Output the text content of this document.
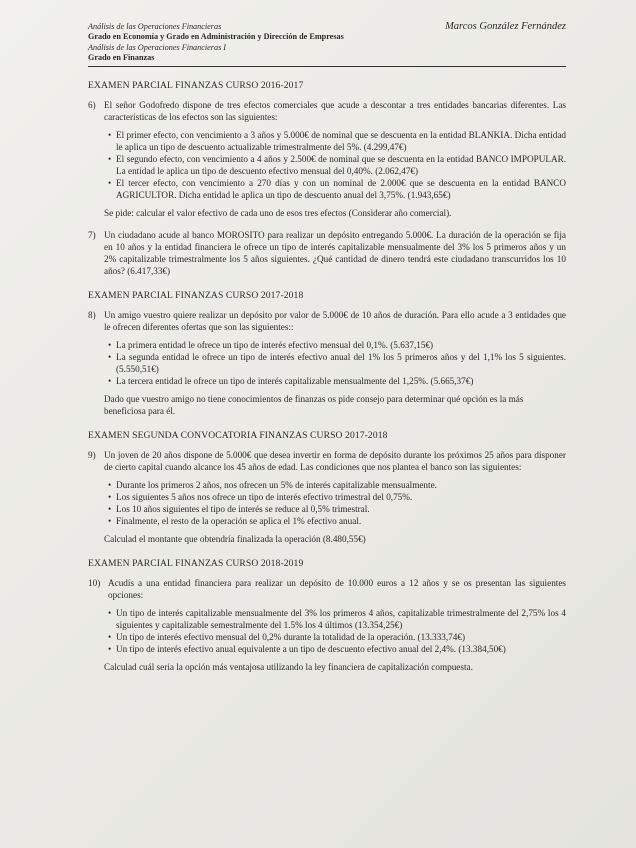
Análisis de las Operaciones Financieras
Grado en Economía y Grado en Administración y Dirección de Empresas
Análisis de las Operaciones Financieras I
Grado en Finanzas
Marcos González Fernández
EXAMEN PARCIAL FINANZAS CURSO 2016-2017
6) El señor Godofredo dispone de tres efectos comerciales que acude a descontar a tres entidades bancarias diferentes. Las características de los efectos son las siguientes:
• El primer efecto, con vencimiento a 3 años y 5.000€ de nominal que se descuenta en la entidad BLANKIA. Dicha entidad le aplica un tipo de descuento actualizable trimestralmente del 5%. (4.299,47€)
• El segundo efecto, con vencimiento a 4 años y 2.500€ de nominal que se descuenta en la entidad BANCO IMPOPULAR. La entidad le aplica un tipo de descuento efectivo mensual del 0,40%. (2.062,47€)
• El tercer efecto, con vencimiento a 270 días y con un nominal de 2.000€ que se descuenta en la entidad BANCO AGRICULTOR. Dicha entidad le aplica un tipo de descuento anual del 3,75%. (1.943,65€)
Se pide: calcular el valor efectivo de cada uno de esos tres efectos (Considerar año comercial).
7) Un ciudadano acude al banco MOROSITO para realizar un depósito entregando 5.000€. La duración de la operación se fija en 10 años y la entidad financiera le ofrece un tipo de interés capitalizable mensualmente del 3% los 5 primeros años y un 2% capitalizable trimestralmente los 5 años siguientes. ¿Qué cantidad de dinero tendrá este ciudadano transcurridos los 10 años? (6.417,33€)
EXAMEN PARCIAL FINANZAS CURSO 2017-2018
8) Un amigo vuestro quiere realizar un depósito por valor de 5.000€ de 10 años de duración. Para ello acude a 3 entidades que le ofrecen diferentes ofertas que son las siguientes::
• La primera entidad le ofrece un tipo de interés efectivo mensual del 0,1%. (5.637,15€)
• La segunda entidad le ofrece un tipo de interés efectivo anual del 1% los 5 primeros años y del 1,1% los 5 siguientes. (5.550,51€)
• La tercera entidad le ofrece un tipo de interés capitalizable mensualmente del 1,25%. (5.665,37€)
Dado que vuestro amigo no tiene conocimientos de finanzas os pide consejo para determinar qué opción es la más beneficiosa para él.
EXAMEN SEGUNDA CONVOCATORIA FINANZAS CURSO 2017-2018
9) Un joven de 20 años dispone de 5.000€ que desea invertir en forma de depósito durante los próximos 25 años para disponer de cierto capital cuando alcance los 45 años de edad. Las condiciones que nos plantea el banco son las siguientes:
• Durante los primeros 2 años, nos ofrecen un 5% de interés capitalizable mensualmente.
• Los siguientes 5 años nos ofrece un tipo de interés efectivo trimestral del 0,75%.
• Los 10 años siguientes el tipo de interés se reduce al 0,5% trimestral.
• Finalmente, el resto de la operación se aplica el 1% efectivo anual.
Calculad el montante que obtendría finalizada la operación (8.480,55€)
EXAMEN PARCIAL FINANZAS CURSO 2018-2019
10) Acudís a una entidad financiera para realizar un depósito de 10.000 euros a 12 años y se os presentan las siguientes opciones:
• Un tipo de interés capitalizable mensualmente del 3% los primeros 4 años, capitalizable trimestralmente del 2,75% los 4 siguientes y capitalizable semestralmente del 1.5% los 4 últimos (13.354,25€)
• Un tipo de interés efectivo mensual del 0,2% durante la totalidad de la operación. (13.333,74€)
• Un tipo de interés efectivo anual equivalente a un tipo de descuento efectivo anual del 2,4%. (13.384,50€)
Calculad cuál sería la opción más ventajosa utilizando la ley financiera de capitalización compuesta.
